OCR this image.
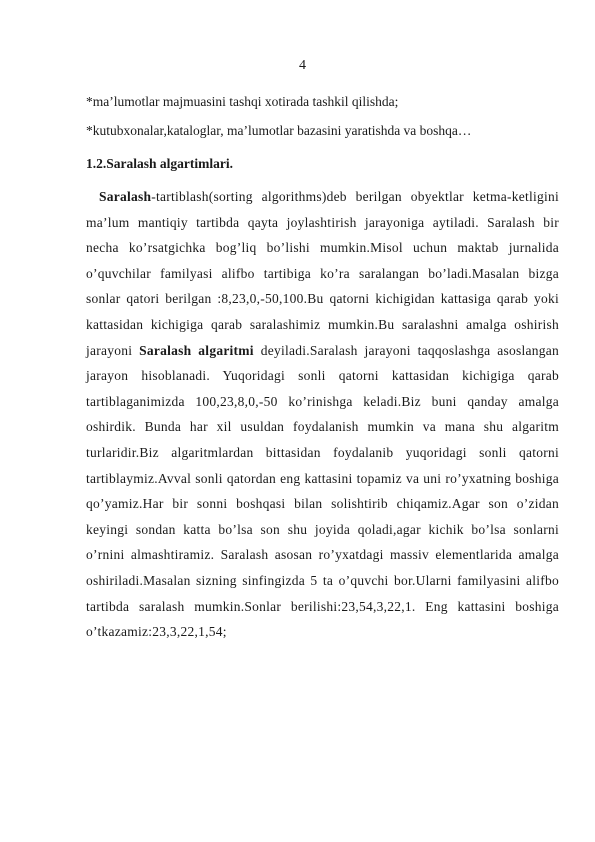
4

*ma’lumotlar majmuasini tashqi xotirada tashkil qilishda;

*kutubxonalar,kataloglar, ma’lumotlar bazasini yaratishda va boshqa…

1.2.Saralash algartimlari.

Saralash-tartiblash(sorting algorithms)deb berilgan obyektlar ketma-ketligini ma’lum mantiqiy tartibda qayta joylashtirish jarayoniga aytiladi. Saralash bir necha ko’rsatgichka bog’liq bo’lishi mumkin.Misol uchun maktab jurnalida o’quvchilar familyasi alifbo tartibiga ko’ra saralangan bo’ladi.Masalan bizga sonlar qatori berilgan :8,23,0,-50,100.Bu qatorni kichigidan kattasiga qarab yoki kattasidan kichigiga qarab saralashimiz mumkin.Bu saralashni amalga oshirish jarayoni Saralash algaritmi deyiladi.Saralash jarayoni taqqoslashga asoslangan jarayon hisoblanadi. Yuqoridagi sonli qatorni kattasidan kichigiga qarab tartiblaganimizda 100,23,8,0,-50 ko’rinishga keladi.Biz buni qanday amalga oshirdik. Bunda har xil usuldan foydalanish mumkin va mana shu algaritm turlaridir.Biz algaritmlardan bittasidan foydalanib yuqoridagi sonli qatorni tartiblaymiz.Avval sonli qatordan eng kattasini topamiz va uni ro’yxatning boshiga qo’yamiz.Har bir sonni boshqasi bilan solishtirib chiqamiz.Agar son o’zidan keyingi sondan katta bo’lsa son shu joyida qoladi,agar kichik bo’lsa sonlarni o’rnini almashtiramiz. Saralash asosan ro’yxatdagi massiv elementlarida amalga oshiriladi.Masalan sizning sinfingizda 5 ta o’quvchi bor.Ularni familyasini alifbo tartibda saralash mumkin.Sonlar berilishi:23,54,3,22,1. Eng kattasini boshiga o’tkazamiz:23,3,22,1,54;
